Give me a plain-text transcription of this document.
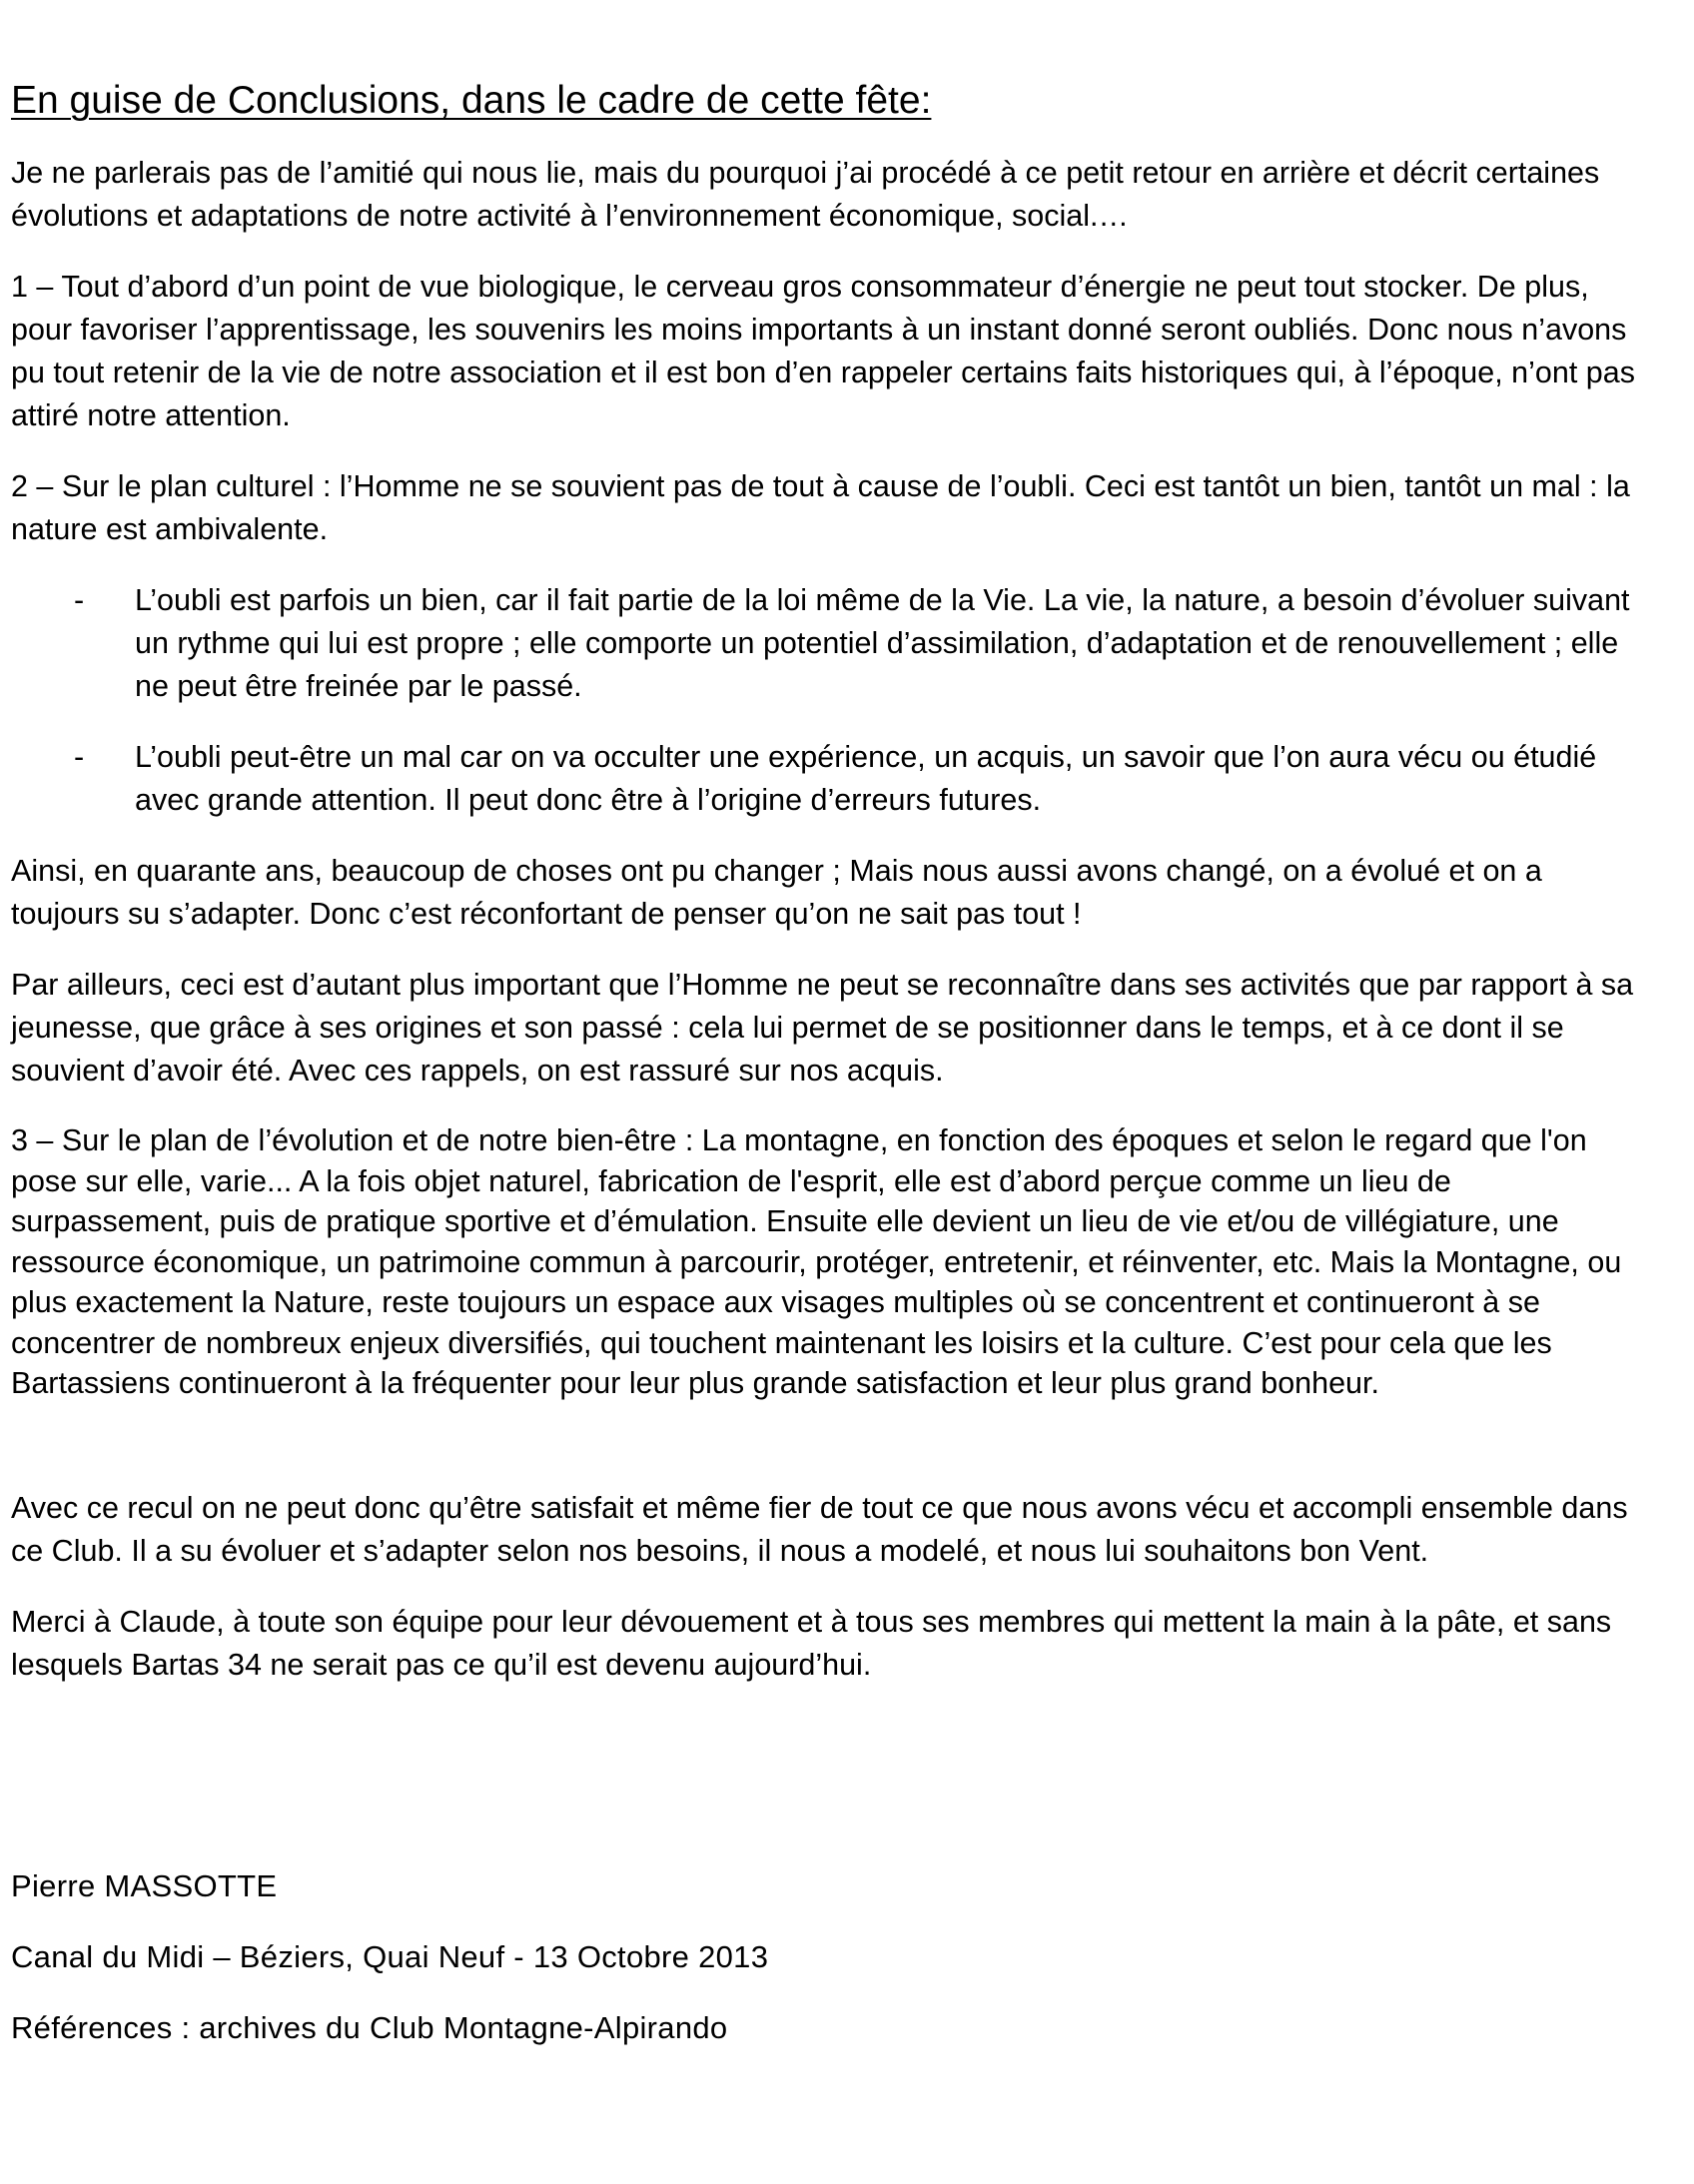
En guise de Conclusions, dans le cadre de cette fête:

Je ne parlerais pas de l’amitié qui nous lie, mais du pourquoi j’ai procédé à ce petit retour en arrière et décrit certaines évolutions et adaptations de notre activité à l’environnement économique, social.…

1 – Tout d’abord d’un point de vue biologique, le cerveau gros consommateur d’énergie ne peut tout stocker. De plus, pour favoriser l’apprentissage, les souvenirs les moins importants à un instant donné seront oubliés. Donc nous n’avons pu tout retenir de la vie de notre association et il est bon d’en rappeler certains faits historiques qui, à l’époque, n’ont pas attiré notre attention.

2 – Sur le plan culturel : l’Homme ne se souvient pas de tout à cause de l’oubli. Ceci est tantôt un bien, tantôt un mal : la nature est ambivalente.

- L’oubli est parfois un bien, car il fait partie de la loi même de la Vie. La vie, la nature, a besoin d’évoluer suivant un rythme qui lui est propre ; elle comporte un potentiel d’assimilation, d’adaptation et de renouvellement ; elle ne peut être freinée par le passé.
- L’oubli peut-être un mal car on va occulter une expérience, un acquis, un savoir que l’on aura vécu ou étudié avec grande attention. Il peut donc être à l’origine d’erreurs futures.

Ainsi, en quarante ans, beaucoup de choses ont pu changer ; Mais nous aussi avons changé, on a évolué et on a toujours su s’adapter. Donc c’est réconfortant de penser qu’on ne sait pas tout !

Par ailleurs, ceci est d’autant plus important que l’Homme ne peut se reconnaître dans ses activités que par rapport à sa jeunesse, que grâce à ses origines et son passé : cela lui permet de se positionner dans le temps, et à ce dont il se souvient d’avoir été. Avec ces rappels, on est rassuré sur nos acquis.

3 – Sur le plan de l’évolution et de notre bien-être : La montagne, en fonction des époques et selon le regard que l'on pose sur elle, varie... A la fois objet naturel, fabrication de l'esprit, elle est d’abord perçue comme un lieu de surpassement, puis de pratique sportive et d’émulation. Ensuite elle devient un lieu de vie et/ou de villégiature, une ressource économique, un patrimoine commun à parcourir, protéger, entretenir, et réinventer, etc. Mais la Montagne, ou plus exactement la Nature, reste toujours un espace aux visages multiples où se concentrent et continueront à se concentrer de nombreux enjeux diversifiés, qui touchent maintenant les loisirs et la culture. C’est pour cela que les Bartassiens continueront à la fréquenter pour leur plus grande satisfaction et leur plus grand bonheur.

Avec ce recul on ne peut donc qu’être satisfait et même fier de tout ce que nous avons vécu et accompli ensemble dans ce Club. Il a su évoluer et s’adapter selon nos besoins, il nous a modelé, et nous lui souhaitons bon Vent.

Merci à Claude, à toute son équipe pour leur dévouement et à tous ses membres qui mettent la main à la pâte, et sans lesquels Bartas 34 ne serait pas ce qu’il est devenu aujourd’hui.

Pierre MASSOTTE

Canal du Midi – Béziers, Quai Neuf - 13 Octobre 2013

Références : archives du Club Montagne-Alpirando
